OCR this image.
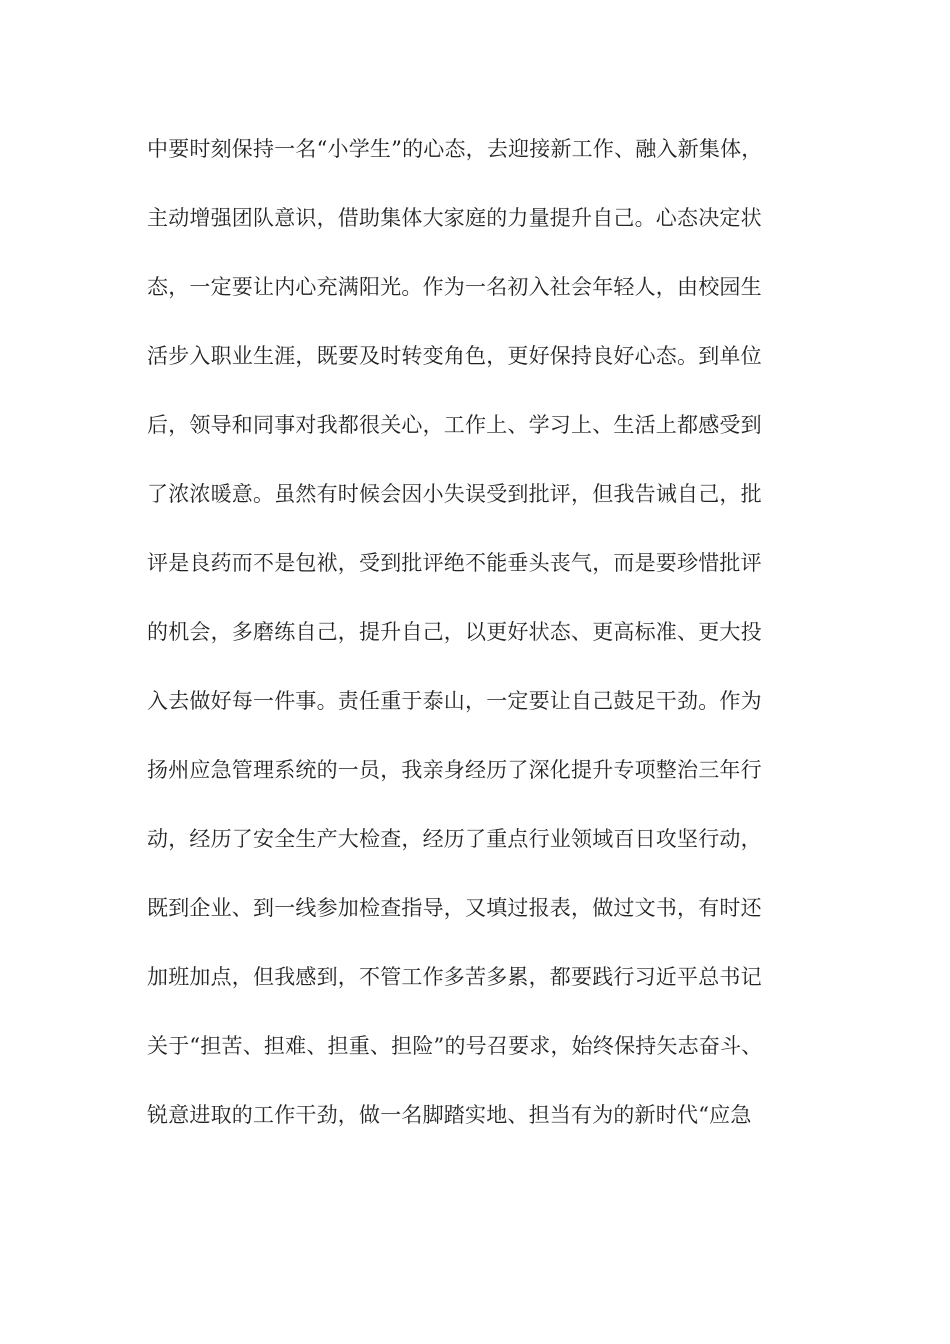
中要时刻保持一名“小学生”的心态，去迎接新工作、融入新集体，
主动增强团队意识，借助集体大家庭的力量提升自己。心态决定状
态，一定要让内心充满阳光。作为一名初入社会年轻人，由校园生
活步入职业生涯，既要及时转变角色，更好保持良好心态。到单位
后，领导和同事对我都很关心，工作上、学习上、生活上都感受到
了浓浓暖意。虽然有时候会因小失误受到批评，但我告诫自己，批
评是良药而不是包袱，受到批评绝不能垂头丧气，而是要珍惜批评
的机会，多磨练自己，提升自己，以更好状态、更高标准、更大投
入去做好每一件事。责任重于泰山，一定要让自己鼓足干劲。作为
扬州应急管理系统的一员，我亲身经历了深化提升专项整治三年行
动，经历了安全生产大检查，经历了重点行业领域百日攻坚行动，
既到企业、到一线参加检查指导，又填过报表，做过文书，有时还
加班加点，但我感到，不管工作多苦多累，都要践行习近平总书记
关于“担苦、担难、担重、担险”的号召要求，始终保持矢志奋斗、
锐意进取的工作干劲，做一名脚踏实地、担当有为的新时代“应急
